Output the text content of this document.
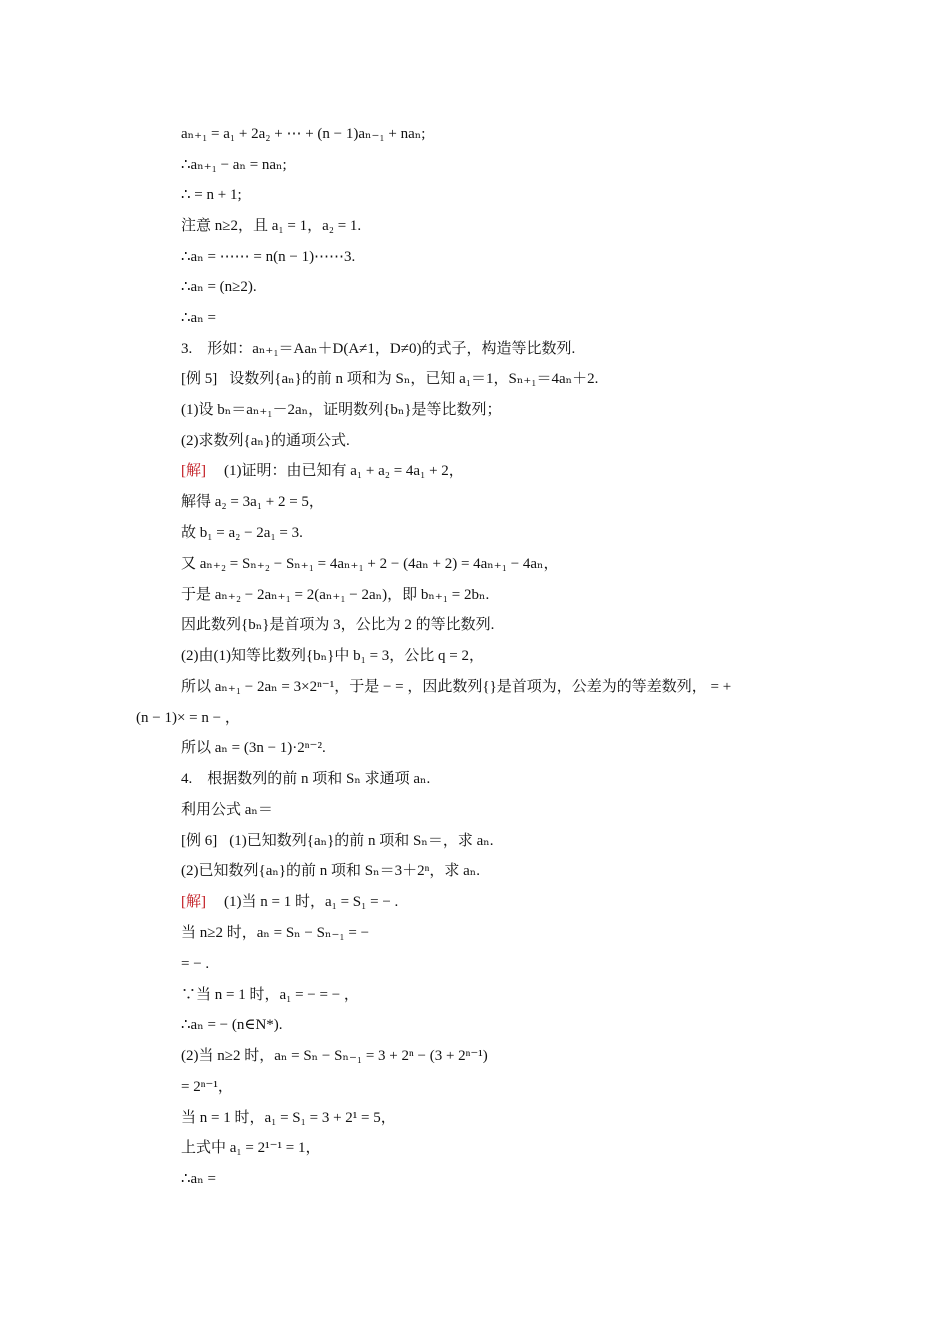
aₙ₊₁ = a₁ + 2a₂ + ⋯ + (n − 1)aₙ₋₁ + naₙ;
∴aₙ₊₁ − aₙ = naₙ;
∴ = n + 1;
注意 n≥2，且 a₁ = 1，a₂ = 1.
∴aₙ = ⋯⋯ = n(n − 1)⋯⋯3.
∴aₙ = (n≥2).
∴aₙ =
3.　形如：aₙ₊₁＝Aaₙ＋D(A≠1，D≠0)的式子，构造等比数列.
[例 5] 设数列{aₙ}的前 n 项和为 Sₙ，已知 a₁＝1，Sₙ₊₁＝4aₙ＋2.
(1)设 bₙ＝aₙ₊₁－2aₙ，证明数列{bₙ}是等比数列；
(2)求数列{aₙ}的通项公式.
[解] (1)证明：由已知有 a₁ + a₂ = 4a₁ + 2，
解得 a₂ = 3a₁ + 2 = 5，
故 b₁ = a₂ − 2a₁ = 3.
又 aₙ₊₂ = Sₙ₊₂ − Sₙ₊₁ = 4aₙ₊₁ + 2 − (4aₙ + 2) = 4aₙ₊₁ − 4aₙ，
于是 aₙ₊₂ − 2aₙ₊₁ = 2(aₙ₊₁ − 2aₙ)，即 bₙ₊₁ = 2bₙ.
因此数列{bₙ}是首项为 3，公比为 2 的等比数列.
(2)由(1)知等比数列{bₙ}中 b₁ = 3，公比 q = 2，
所以 aₙ₊₁ − 2aₙ = 3×2ⁿ⁻¹，于是 − = ，因此数列{}是首项为，公差为的等差数列， = +
(n − 1)× = n − ，
所以 aₙ = (3n − 1)·2ⁿ⁻².
4.　根据数列的前 n 项和 Sₙ 求通项 aₙ.
利用公式 aₙ＝
[例 6] (1)已知数列{aₙ}的前 n 项和 Sₙ＝，求 aₙ.
(2)已知数列{aₙ}的前 n 项和 Sₙ＝3＋2ⁿ，求 aₙ.
[解] (1)当 n = 1 时，a₁ = S₁ = − .
当 n≥2 时，aₙ = Sₙ − Sₙ₋₁ = −
= − .
∵当 n = 1 时，a₁ = − = − ，
∴aₙ = − (n∈N*).
(2)当 n≥2 时，aₙ = Sₙ − Sₙ₋₁ = 3 + 2ⁿ − (3 + 2ⁿ⁻¹)
= 2ⁿ⁻¹，
当 n = 1 时，a₁ = S₁ = 3 + 2¹ = 5，
上式中 a₁ = 2¹⁻¹ = 1，
∴aₙ =
